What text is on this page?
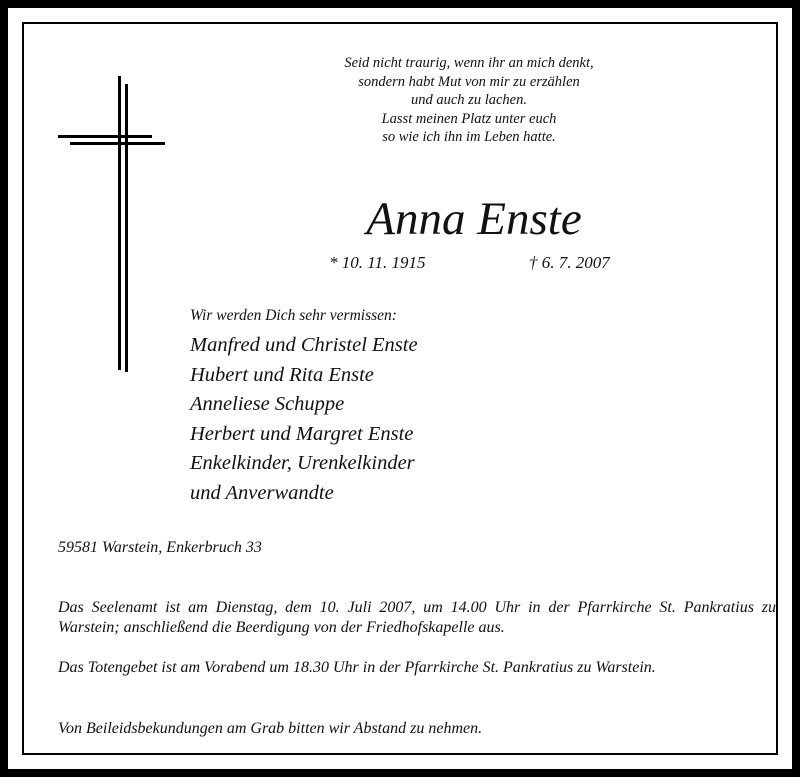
Seid nicht traurig, wenn ihr an mich denkt,
sondern habt Mut von mir zu erzählen
und auch zu lachen.
Lasst meinen Platz unter euch
so wie ich ihn im Leben hatte.
Anna Enste
* 10. 11. 1915	† 6. 7. 2007
Wir werden Dich sehr vermissen:
Manfred und Christel Enste
Hubert und Rita Enste
Anneliese Schuppe
Herbert und Margret Enste
Enkelkinder, Urenkelkinder
und Anverwandte
59581 Warstein, Enkerbruch 33
Das Seelenamt ist am Dienstag, dem 10. Juli 2007, um 14.00 Uhr in der Pfarrkirche St. Pankratius zu Warstein; anschließend die Beerdigung von der Friedhofskapelle aus.
Das Totengebet ist am Vorabend um 18.30 Uhr in der Pfarrkirche St. Pankratius zu Warstein.
Von Beileidsbekundungen am Grab bitten wir Abstand zu nehmen.
